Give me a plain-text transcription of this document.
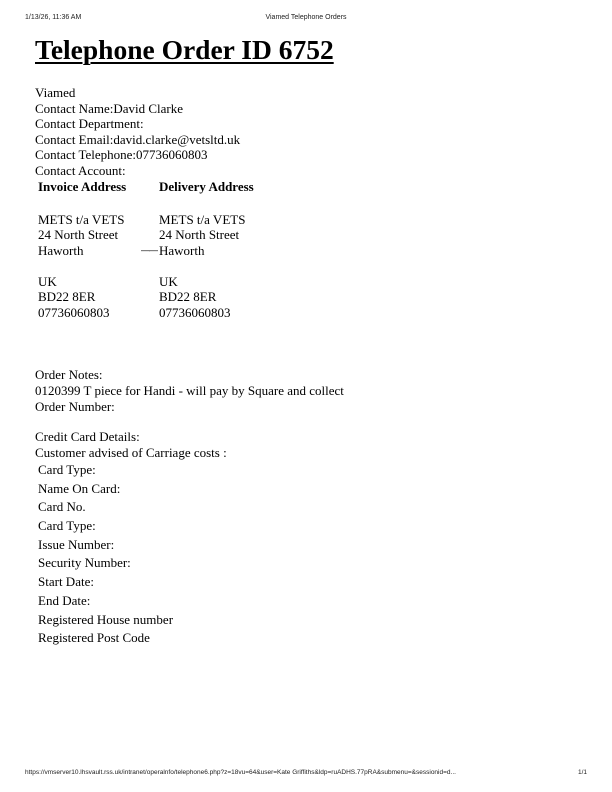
1/13/26, 11:36 AM	Viamed Telephone Orders
Telephone Order ID 6752
Viamed
Contact Name:David Clarke
Contact Department:
Contact Email:david.clarke@vetsltd.uk
Contact Telephone:07736060803
Contact Account:
Invoice Address	Delivery Address

METS t/a VETS	METS t/a VETS
24 North Street	24 North Street
Haworth ——	Haworth

UK	UK
BD22 8ER	BD22 8ER
07736060803	07736060803
Order Notes:
0120399 T piece for Handi - will pay by Square and collect
Order Number:
Credit Card Details:
Customer advised of Carriage costs :
Card Type:
Name On Card:
Card No.
Card Type:
Issue Number:
Security Number:
Start Date:
End Date:
Registered House number
Registered Post Code
https://vmserver10.lhsvault.rss.uk/intranet/operalnfo/telephone6.php?z=18vu=64&user=Kate Griffiths&ldp=ruADHS.77pRA&submenu=&sessionid=d...	1/1
